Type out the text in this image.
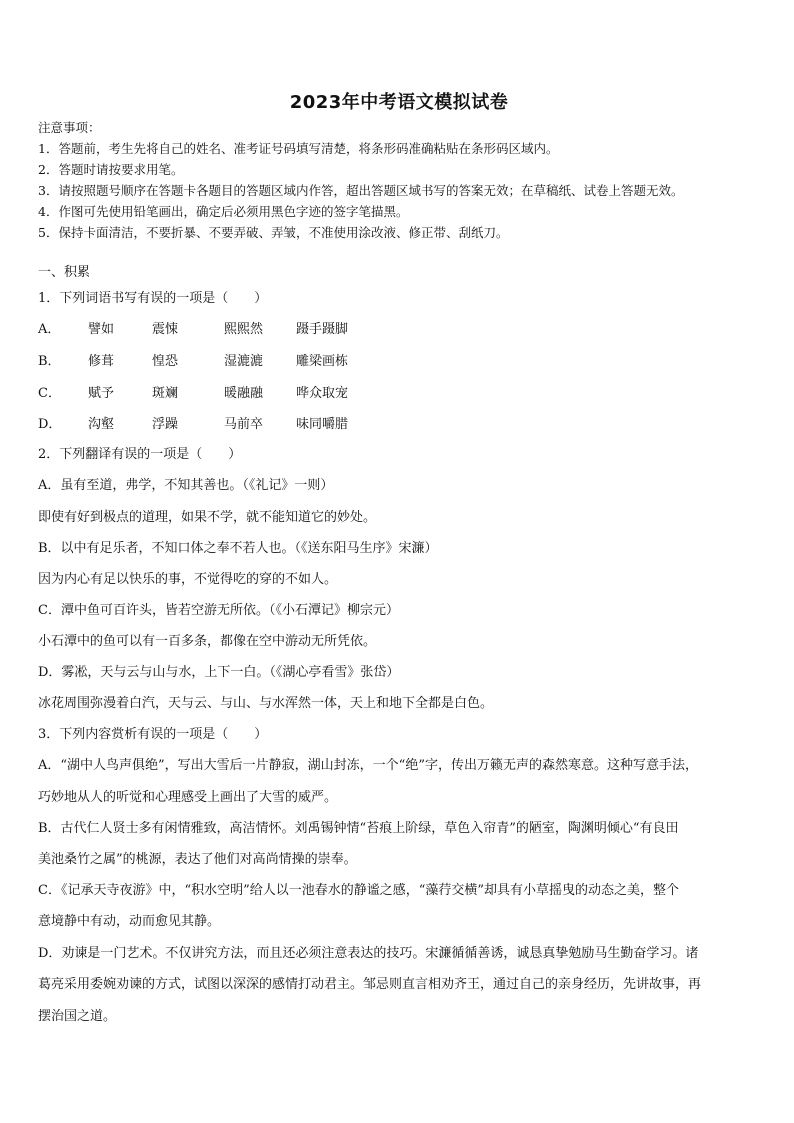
2023年中考语文模拟试卷
注意事项：
1．答题前，考生先将自己的姓名、准考证号码填写清楚，将条形码准确粘贴在条形码区域内。
2．答题时请按要求用笔。
3．请按照题号顺序在答题卡各题目的答题区域内作答，超出答题区域书写的答案无效；在草稿纸、试卷上答题无效。
4．作图可先使用铅笔画出，确定后必须用黑色字迹的签字笔描黑。
5．保持卡面清洁，不要折暴、不要弄破、弄皱，不准使用涂改液、修正带、刮纸刀。
一、积累
1．下列词语书写有误的一项是（　　）
A． 譬如	震悚	熙熙然	蹑手蹑脚
B． 修葺	惶恐	湿漉漉	雕梁画栋
C． 赋予	斑斓	暖融融	哗众取宠
D． 沟壑	浮躁	马前卒	味同嚼腊
2．下列翻译有误的一项是（　　）
A．虽有至道，弗学，不知其善也。（《礼记》一则）
即使有好到极点的道理，如果不学，就不能知道它的妙处。
B．以中有足乐者，不知口体之奉不若人也。（《送东阳马生序》宋濂）
因为内心有足以快乐的事，不觉得吃的穿的不如人。
C．潭中鱼可百许头，皆若空游无所依。（《小石潭记》柳宗元）
小石潭中的鱼可以有一百多条，都像在空中游动无所凭依。
D．雾凇，天与云与山与水，上下一白。（《湖心亭看雪》张岱）
冰花周围弥漫着白汽，天与云、与山、与水浑然一体，天上和地下全都是白色。
3．下列内容赏析有误的一项是（　　）
A．“湖中人鸟声俱绝”，写出大雪后一片静寂，湖山封冻，一个“绝”字，传出万籁无声的森然寒意。这种写意手法，
巧妙地从人的听觉和心理感受上画出了大雪的威严。
B．古代仁人贤士多有闲情雅致，高洁情怀。刘禹锡钟情“苔痕上阶绿，草色入帘青”的陋室，陶渊明倾心“有良田
美池桑竹之属”的桃源，表达了他们对高尚情操的崇奉。
C．《记承天寺夜游》中，“积水空明”给人以一池春水的静谧之感，“藻荇交横”却具有小草摇曳的动态之美，整个
意境静中有动，动而愈见其静。
D．劝谏是一门艺术。不仅讲究方法，而且还必须注意表达的技巧。宋濂循循善诱，诚恳真挚勉励马生勤奋学习。诸
葛亮采用委婉劝谏的方式，试图以深深的感情打动君主。邹忌则直言相劝齐王，通过自己的亲身经历，先讲故事，再
摆治国之道。
